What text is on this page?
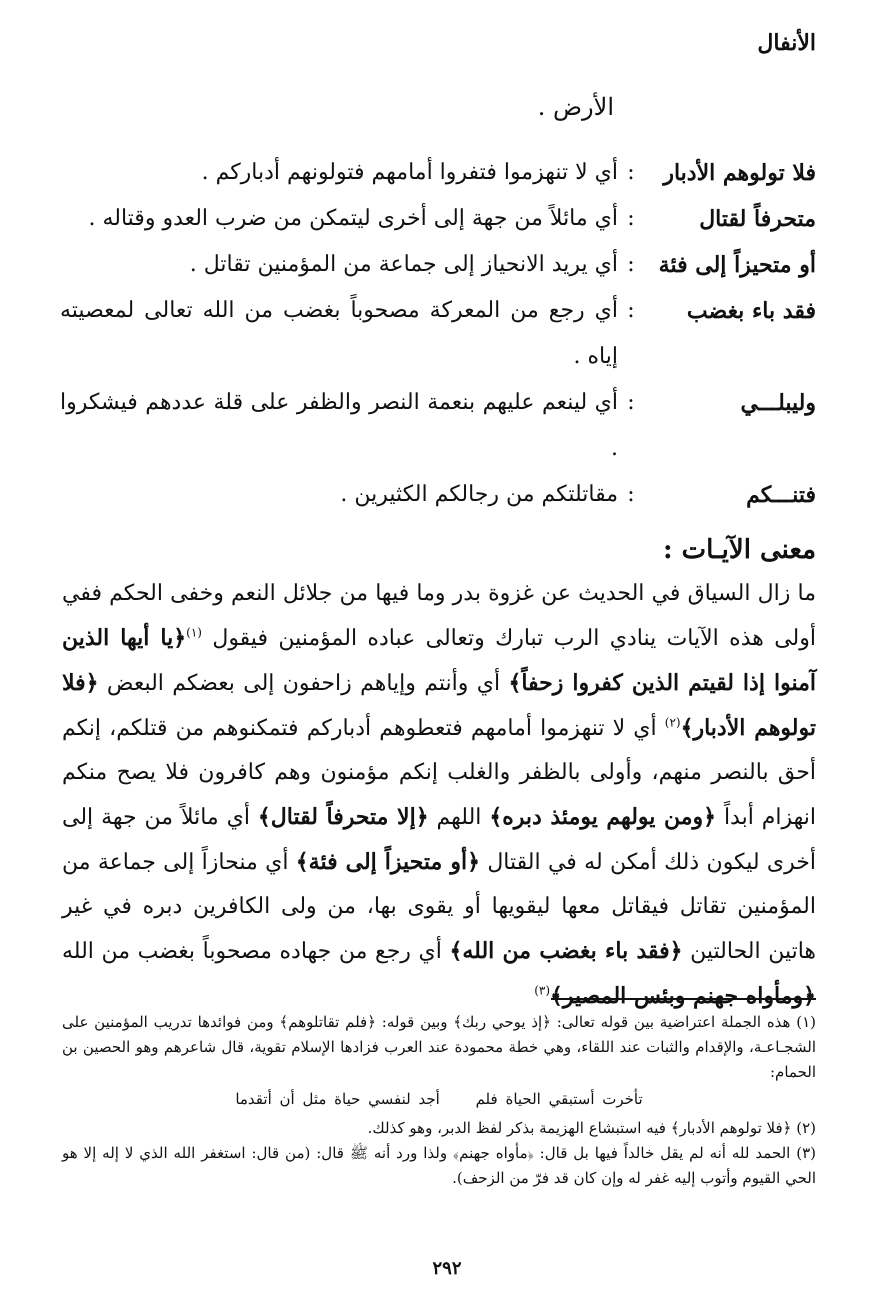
الأنفال
الأرض .
فلا تولوهم الأدبار
:
أي لا تنهزموا فتفروا أمامهم فتولونهم أدباركم .
متحرفاً لقتال
:
أي مائلاً من جهة إلى أخرى ليتمكن من ضرب العدو وقتاله .
أو متحيزاً إلى فئة
:
أي يريد الانحياز إلى جماعة من المؤمنين تقاتل .
فقد باء بغضب
:
أي رجع من المعركة مصحوباً بغضب من الله تعالى لمعصيته إياه .
وليبلـــي
:
أي لينعم عليهم بنعمة النصر والظفر على قلة عددهم فيشكروا .
فتنـــكم
:
مقاتلتكم من رجالكم الكثيرين .
معنى الآيـات :
ما زال السياق في الحديث عن غزوة بدر وما فيها من جلائل النعم وخفى الحكم ففي أولى هذه الآيات ينادي الرب تبارك وتعالى عباده المؤمنين فيقول $^{(١)}$﴿يا أيها الذين آمنوا إذا لقيتم الذين كفروا زحفاً﴾ أي وأنتم وإياهم زاحفون إلى بعضكم البعض ﴿فلا تولوهم الأدبار﴾$^{(٢)}$ أي لا تنهزموا أمامهم فتعطوهم أدباركم فتمكنوهم من قتلكم، إنكم أحق بالنصر منهم، وأولى بالظفر والغلب إنكم مؤمنون وهم كافرون فلا يصح منكم انهزام أبداً ﴿ومن يولهم يومئذ دبره﴾ اللهم ﴿إلا متحرفاً لقتال﴾ أي مائلاً من جهة إلى أخرى ليكون ذلك أمكن له في القتال ﴿أو متحيزاً إلى فئة﴾ أي منحازاً إلى جماعة من المؤمنين تقاتل فيقاتل معها ليقويها أو يقوى بها، من ولى الكافرين دبره في غير هاتين الحالتين ﴿فقد باء بغضب من الله﴾ أي رجع من جهاده مصحوباً بغضب من الله ﴿ومأواه جهنم وبئس المصير﴾$^{(٣)}$

(١) هذه الجملة اعتراضية بين قوله تعالى: ﴿إذ يوحي ربك﴾ وبين قوله: ﴿فلم تقاتلوهم﴾ ومن فوائدها تدريب المؤمنين على الشجـاعـة، والإقدام والثبات عند اللقاء، وهي خطة محمودة عند العرب فزادها الإسلام تقوية، قال شاعرهم وهو الحصين بن الحمام:

تأخرت أستبقي الحياة فلم أجد لنفسي حياة مثل أن أتقدما

(٢) ﴿فلا تولوهم الأدبار﴾ فيه استبشاع الهزيمة بذكر لفظ الدبر، وهو كذلك.

(٣) الحمد لله أنه لم يقل خالداً فيها بل قال: ﴿مأواه جهنم﴾ ولذا ورد أنه ﷺ قال: (من قال: استغفر الله الذي لا إله إلا هو الحي القيوم وأتوب إليه غفر له وإن كان قد فرّ من الزحف).

٢٩٢
